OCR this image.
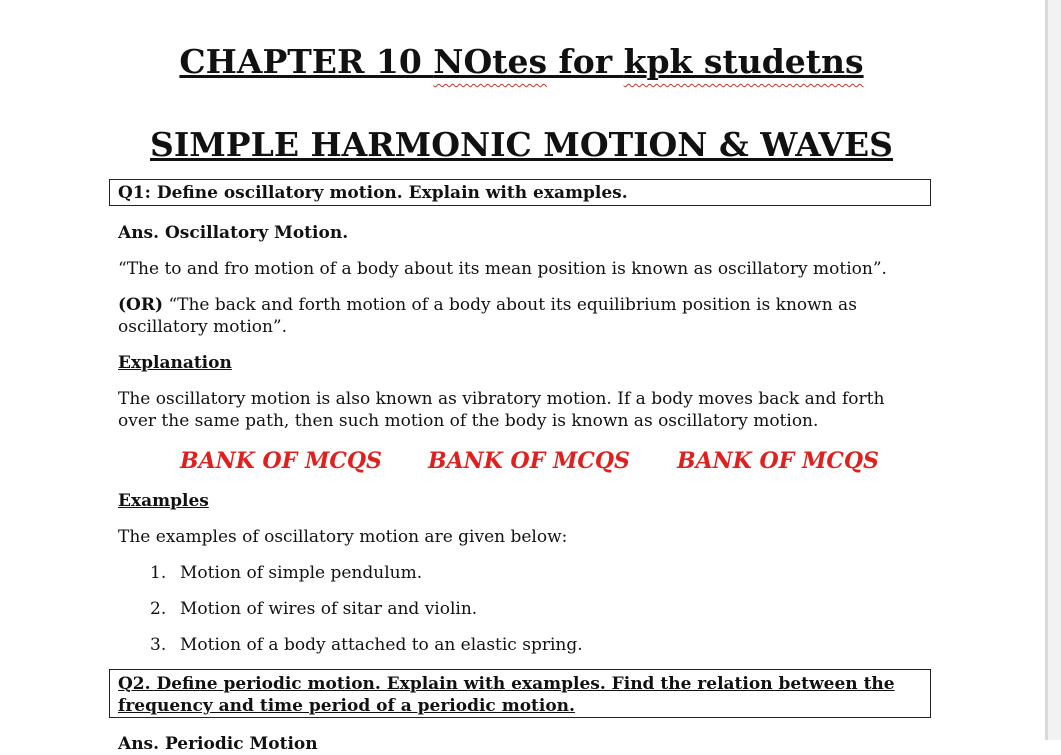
CHAPTER 10 NOtes for kpk studetns
SIMPLE HARMONIC MOTION & WAVES
Q1: Define oscillatory motion. Explain with examples.
Ans. Oscillatory Motion.
“The to and fro motion of a body about its mean position is known as oscillatory motion”.
(OR) “The back and forth motion of a body about its equilibrium position is known as oscillatory motion”.
Explanation
The oscillatory motion is also known as vibratory motion. If a body moves back and forth over the same path, then such motion of the body is known as oscillatory motion.
BANK OF MCQS BANK OF MCQS BANK OF MCQS
Examples
The examples of oscillatory motion are given below:
1. Motion of simple pendulum.
2. Motion of wires of sitar and violin.
3. Motion of a body attached to an elastic spring.
Q2. Define periodic motion. Explain with examples. Find the relation between the frequency and time period of a periodic motion.
Ans. Periodic Motion
